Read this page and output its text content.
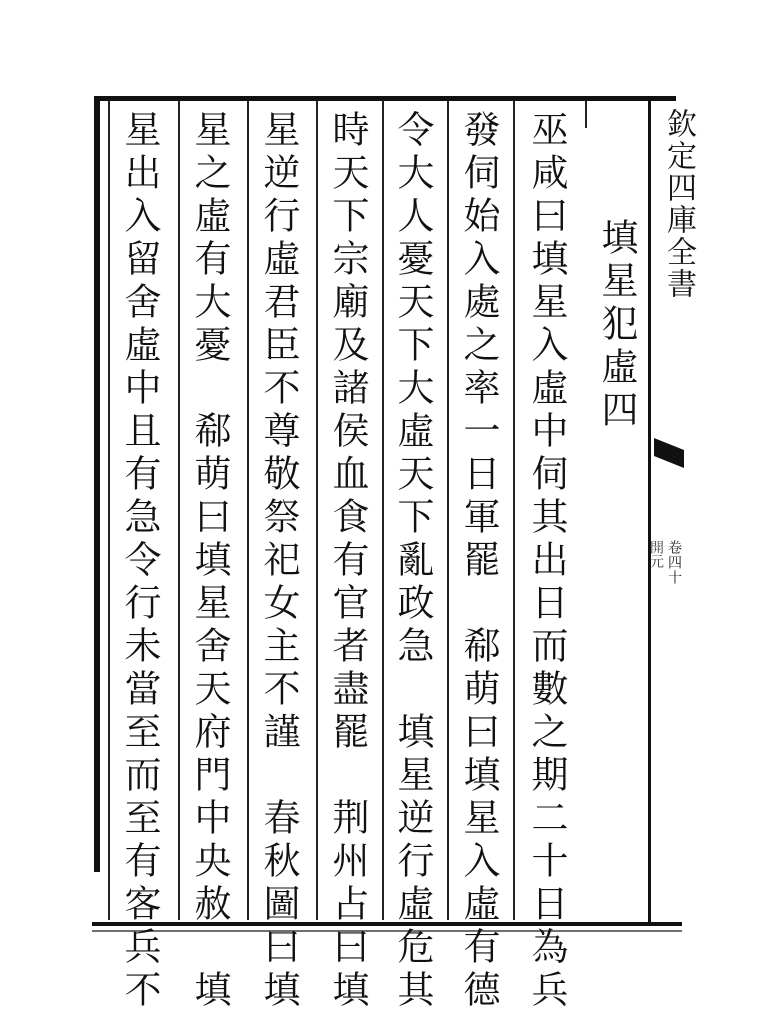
填星犯虛四
巫咸曰填星入虛中伺其出日而數之期二十日為兵
發伺始入處之率一日軍罷　郗萌曰填星入虛有德
令大人憂天下大虛天下亂政急　填星逆行虛危其
時天下宗廟及諸侯血食有官者盡罷　荆州占曰填
星逆行虛君臣不尊敬祭祀女主不謹　春秋圖曰填
星之虛有大憂　郗萌曰填星舍天府門中央赦　填
星出入留舍虛中且有急令行未當至而至有客兵不	欽定四庫全書
卷四十
開元
